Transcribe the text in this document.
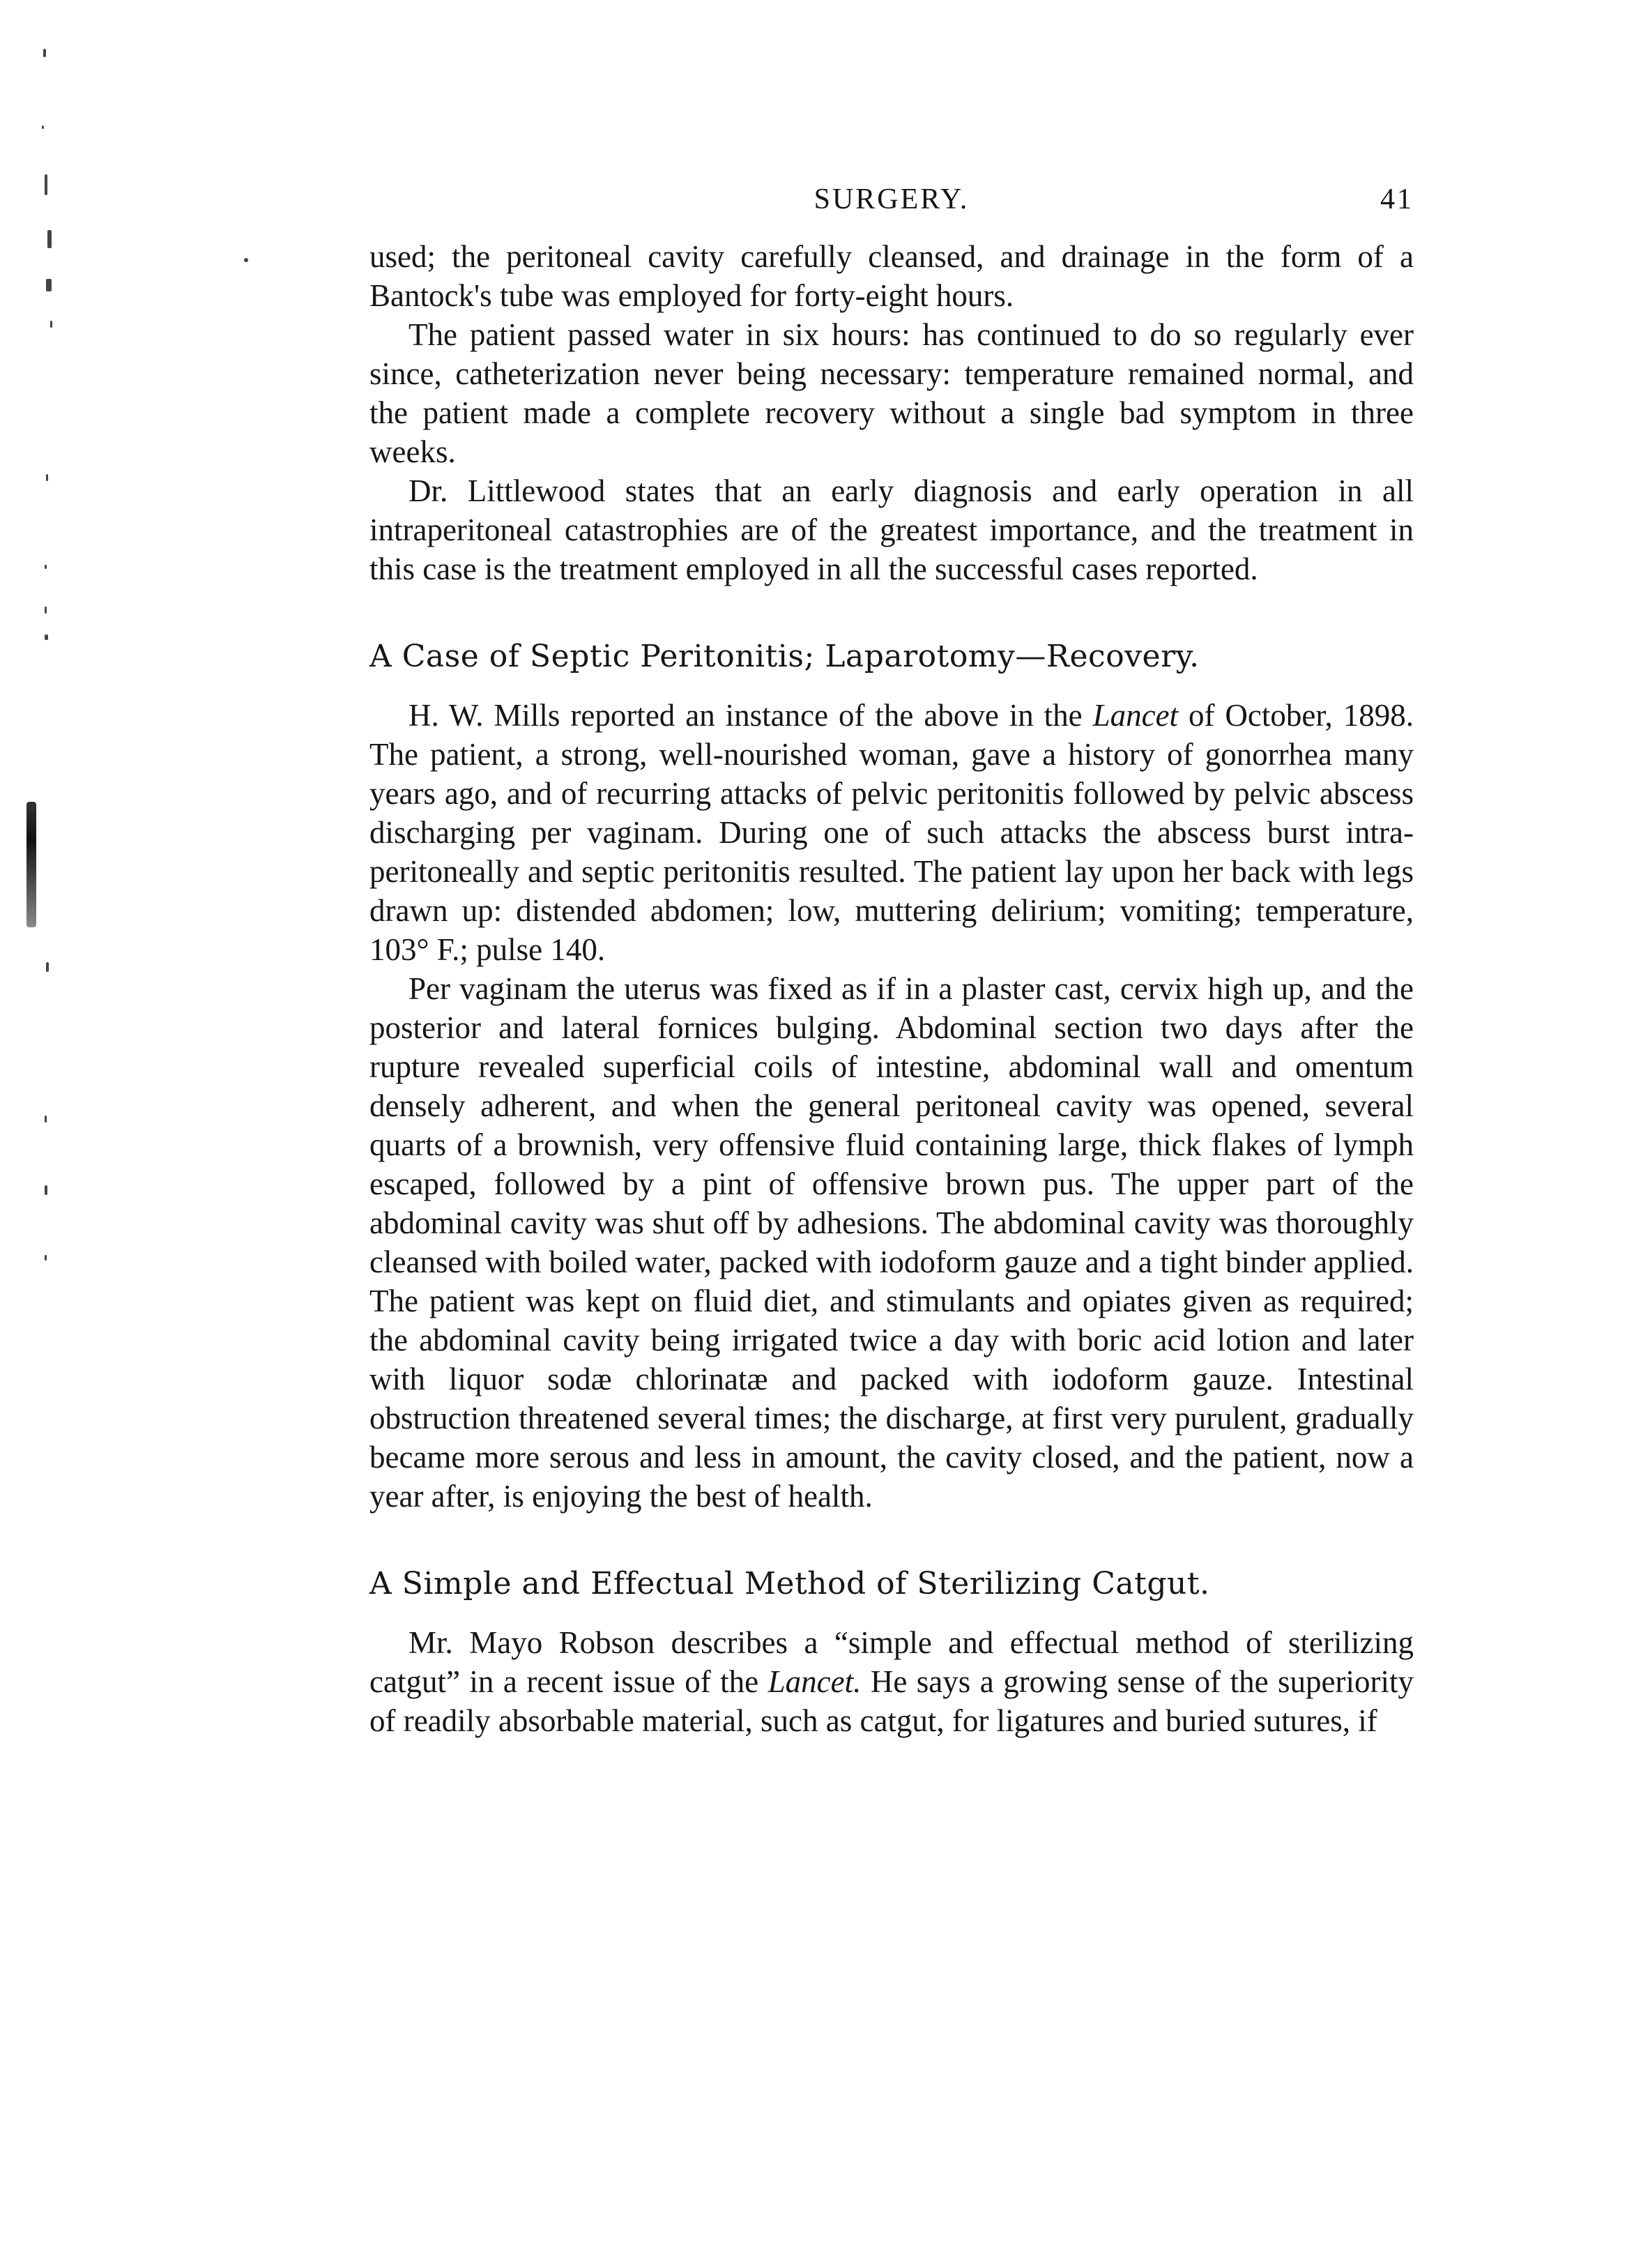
SURGERY.	41

used; the peritoneal cavity carefully cleansed, and drainage in the form of a Bantock's tube was employed for forty-eight hours.

The patient passed water in six hours: has continued to do so regularly ever since, catheterization never being necessary: temperature remained normal, and the patient made a complete recovery without a single bad symptom in three weeks.

Dr. Littlewood states that an early diagnosis and early operation in all intraperitoneal catastrophies are of the greatest importance, and the treatment in this case is the treatment employed in all the successful cases reported.

A Case of Septic Peritonitis; Laparotomy—Recovery.

H. W. Mills reported an instance of the above in the Lancet of October, 1898. The patient, a strong, well-nourished woman, gave a history of gonorrhea many years ago, and of recurring attacks of pelvic peritonitis followed by pelvic abscess discharging per vaginam. During one of such attacks the abscess burst intra-peritoneally and septic peritonitis resulted. The patient lay upon her back with legs drawn up: distended abdomen; low, muttering delirium; vomiting; temperature, 103° F.; pulse 140.

Per vaginam the uterus was fixed as if in a plaster cast, cervix high up, and the posterior and lateral fornices bulging. Abdominal section two days after the rupture revealed superficial coils of intestine, abdominal wall and omentum densely adherent, and when the general peritoneal cavity was opened, several quarts of a brownish, very offensive fluid containing large, thick flakes of lymph escaped, followed by a pint of offensive brown pus. The upper part of the abdominal cavity was shut off by adhesions. The abdominal cavity was thoroughly cleansed with boiled water, packed with iodoform gauze and a tight binder applied. The patient was kept on fluid diet, and stimulants and opiates given as required; the abdominal cavity being irrigated twice a day with boric acid lotion and later with liquor sodæ chlorinatæ and packed with iodoform gauze. Intestinal obstruction threatened several times; the discharge, at first very purulent, gradually became more serous and less in amount, the cavity closed, and the patient, now a year after, is enjoying the best of health.

A Simple and Effectual Method of Sterilizing Catgut.

Mr. Mayo Robson describes a “simple and effectual method of sterilizing catgut” in a recent issue of the Lancet. He says a growing sense of the superiority of readily absorbable material, such as catgut, for ligatures and buried sutures, if
